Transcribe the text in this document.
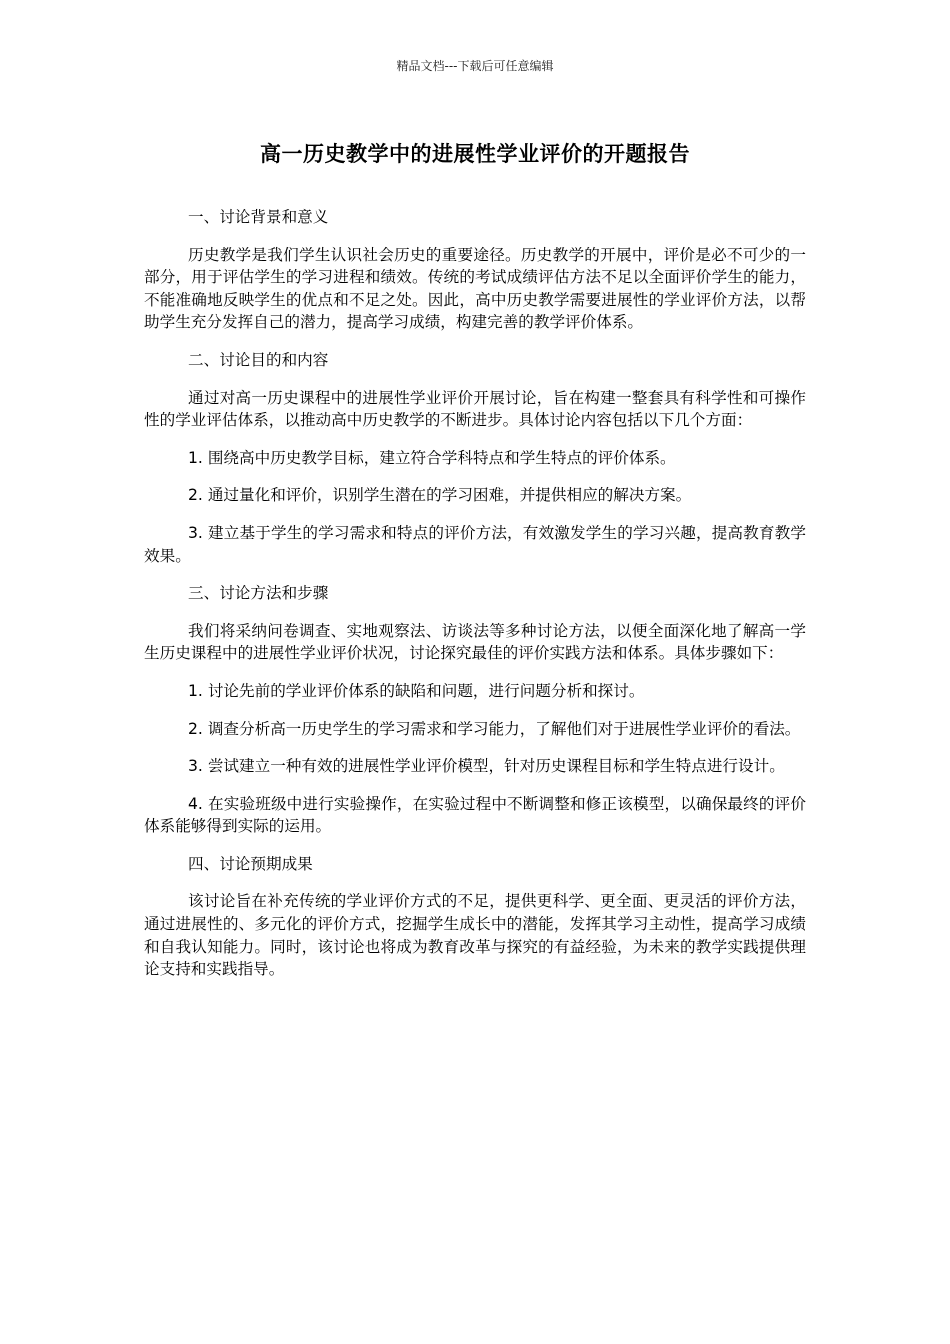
精品文档---下载后可任意编辑
高一历史教学中的进展性学业评价的开题报告
一、讨论背景和意义
历史教学是我们学生认识社会历史的重要途径。历史教学的开展中，评价是必不可少的一部分，用于评估学生的学习进程和绩效。传统的考试成绩评估方法不足以全面评价学生的能力，不能准确地反映学生的优点和不足之处。因此，高中历史教学需要进展性的学业评价方法，以帮助学生充分发挥自己的潜力，提高学习成绩，构建完善的教学评价体系。
二、讨论目的和内容
通过对高一历史课程中的进展性学业评价开展讨论，旨在构建一整套具有科学性和可操作性的学业评估体系，以推动高中历史教学的不断进步。具体讨论内容包括以下几个方面：
1. 围绕高中历史教学目标，建立符合学科特点和学生特点的评价体系。
2. 通过量化和评价，识别学生潜在的学习困难，并提供相应的解决方案。
3. 建立基于学生的学习需求和特点的评价方法，有效激发学生的学习兴趣，提高教育教学效果。
三、讨论方法和步骤
我们将采纳问卷调查、实地观察法、访谈法等多种讨论方法，以便全面深化地了解高一学生历史课程中的进展性学业评价状况，讨论探究最佳的评价实践方法和体系。具体步骤如下：
1. 讨论先前的学业评价体系的缺陷和问题，进行问题分析和探讨。
2. 调查分析高一历史学生的学习需求和学习能力，了解他们对于进展性学业评价的看法。
3. 尝试建立一种有效的进展性学业评价模型，针对历史课程目标和学生特点进行设计。
4. 在实验班级中进行实验操作，在实验过程中不断调整和修正该模型，以确保最终的评价体系能够得到实际的运用。
四、讨论预期成果
该讨论旨在补充传统的学业评价方式的不足，提供更科学、更全面、更灵活的评价方法，通过进展性的、多元化的评价方式，挖掘学生成长中的潜能，发挥其学习主动性，提高学习成绩和自我认知能力。同时，该讨论也将成为教育改革与探究的有益经验，为未来的教学实践提供理论支持和实践指导。
